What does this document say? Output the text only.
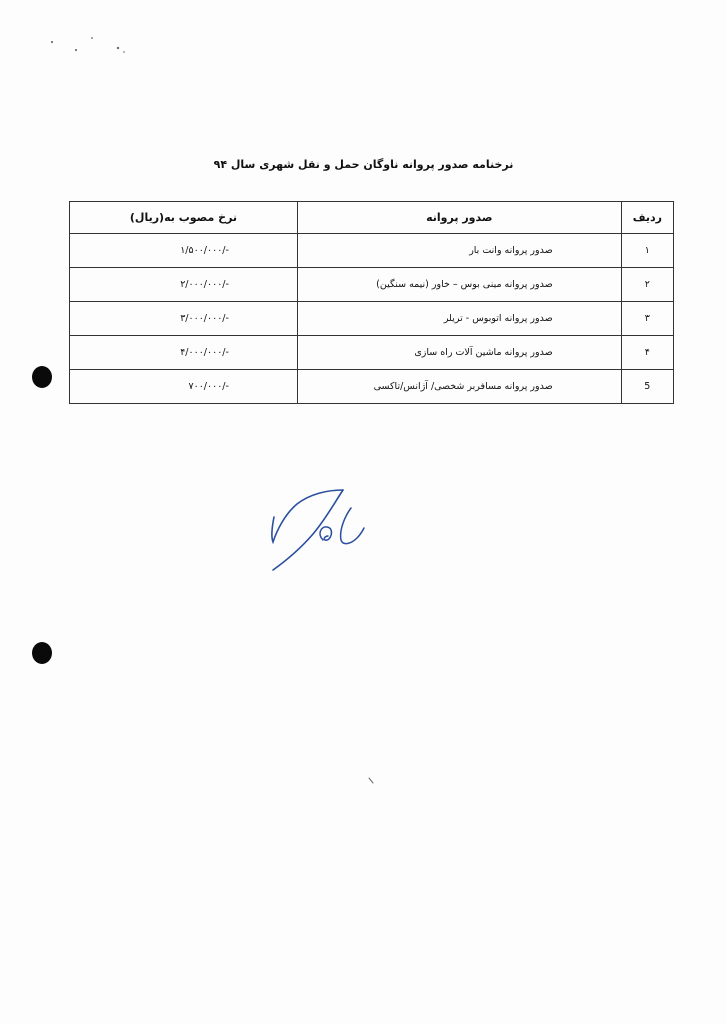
نرخنامه صدور پروانه ناوگان حمل و نقل شهری سال ۹۴
ردیف	صدور پروانه	نرخ مصوب به(ریال)
۱	صدور پروانه وانت بار	۱/۵۰۰/۰۰۰/-
۲	صدور پروانه مینی بوس – خاور (نیمه سنگین)	۲/۰۰۰/۰۰۰/-
۳	صدور پروانه اتوبوس - تریلر	۳/۰۰۰/۰۰۰/-
۴	صدور پروانه ماشین آلات راه سازی	۴/۰۰۰/۰۰۰/-
5	صدور پروانه مسافربر شخصی/ آژانس/تاکسی	۷۰۰/۰۰۰/-
